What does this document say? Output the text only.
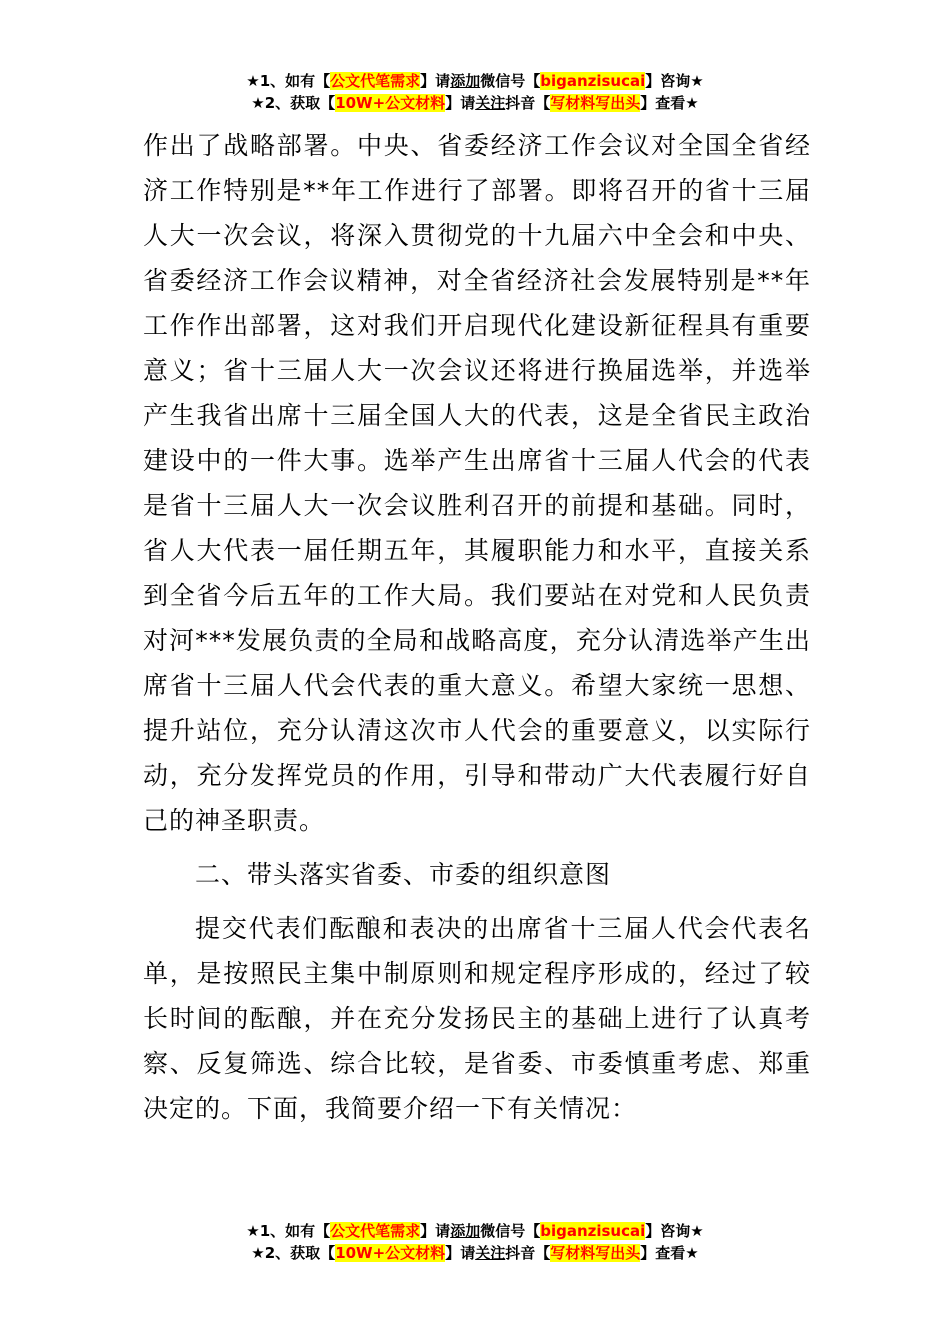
★1、如有【公文代笔需求】请添加微信号【biganzisucai】咨询★
★2、获取【10W+公文材料】请关注抖音【写材料写出头】查看★

作出了战略部署。中央、省委经济工作会议对全国全省经济工作特别是**年工作进行了部署。即将召开的省十三届人大一次会议，将深入贯彻党的十九届六中全会和中央、省委经济工作会议精神，对全省经济社会发展特别是**年工作作出部署，这对我们开启现代化建设新征程具有重要意义；省十三届人大一次会议还将进行换届选举，并选举产生我省出席十三届全国人大的代表，这是全省民主政治建设中的一件大事。选举产生出席省十三届人代会的代表是省十三届人大一次会议胜利召开的前提和基础。同时，省人大代表一届任期五年，其履职能力和水平，直接关系到全省今后五年的工作大局。我们要站在对党和人民负责对河***发展负责的全局和战略高度，充分认清选举产生出席省十三届人代会代表的重大意义。希望大家统一思想、提升站位，充分认清这次市人代会的重要意义，以实际行动，充分发挥党员的作用，引导和带动广大代表履行好自己的神圣职责。

二、带头落实省委、市委的组织意图

提交代表们酝酿和表决的出席省十三届人代会代表名单，是按照民主集中制原则和规定程序形成的，经过了较长时间的酝酿，并在充分发扬民主的基础上进行了认真考察、反复筛选、综合比较，是省委、市委慎重考虑、郑重决定的。下面，我简要介绍一下有关情况：

★1、如有【公文代笔需求】请添加微信号【biganzisucai】咨询★
★2、获取【10W+公文材料】请关注抖音【写材料写出头】查看★
